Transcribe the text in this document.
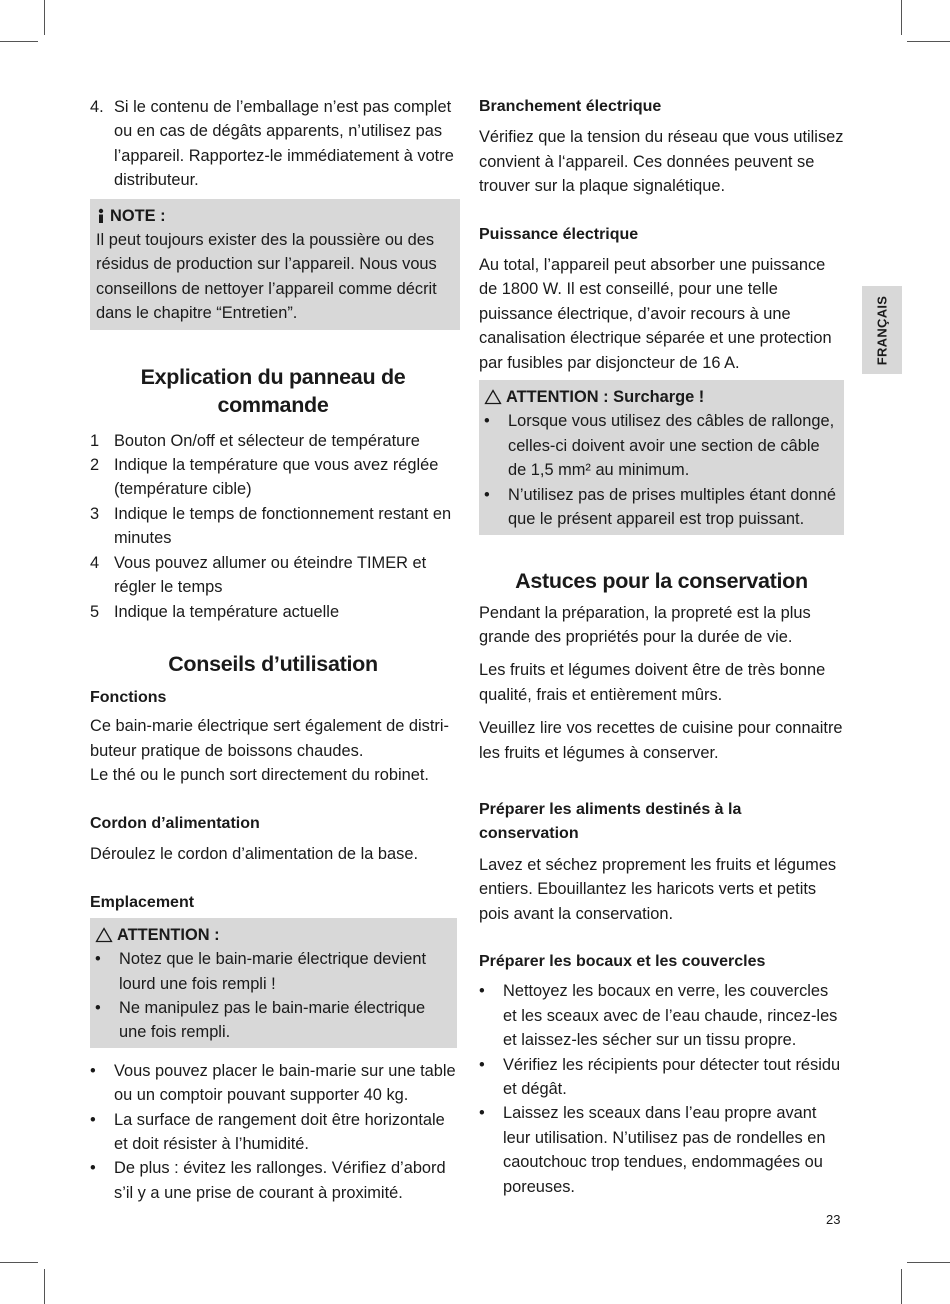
4. Si le contenu de l’emballage n’est pas complet ou en cas de dégâts apparents, n’utilisez pas l’appareil. Rapportez-le immédiatement à votre distributeur.
NOTE :

Il peut toujours exister des la poussière ou des résidus de production sur l’appareil. Nous vous conseillons de nettoyer l’appareil comme décrit dans le chapitre “Entretien”.

Explication du panneau de commande
1 Bouton On/off et sélecteur de température
2 Indique la température que vous avez réglée (température cible)
3 Indique le temps de fonctionnement restant en minutes
4 Vous pouvez allumer ou éteindre TIMER et régler le temps
5 Indique la température actuelle
Conseils d’utilisation
Fonctions

Ce bain-marie électrique sert également de distributeur pratique de boissons chaudes.

Le thé ou le punch sort directement du robinet.

Cordon d’alimentation

Déroulez le cordon d’alimentation de la base.

Emplacement
ATTENTION :
• Notez que le bain-marie électrique devient lourd une fois rempli !
• Ne manipulez pas le bain-marie électrique une fois rempli.
• Vous pouvez placer le bain-marie sur une table ou un comptoir pouvant supporter 40 kg.
• La surface de rangement doit être horizontale et doit résister à l’humidité.
• De plus : évitez les rallonges. Vérifiez d’abord s’il y a une prise de courant à proximité.
Branchement électrique

Vérifiez que la tension du réseau que vous utilisez convient à l‘appareil. Ces données peuvent se trouver sur la plaque signalétique.

Puissance électrique

Au total, l’appareil peut absorber une puissance de 1800 W. Il est conseillé, pour une telle puissance électrique, d’avoir recours à une canalisation électrique séparée et une protection par fusibles par disjoncteur de 16 A.

ATTENTION : Surcharge !
• Lorsque vous utilisez des câbles de rallonge, celles-ci doivent avoir une section de câble de 1,5 mm² au minimum.
• N’utilisez pas de prises multiples étant donné que le présent appareil est trop puissant.
Astuces pour la conservation

Pendant la préparation, la propreté est la plus grande des propriétés pour la durée de vie.

Les fruits et légumes doivent être de très bonne qualité, frais et entièrement mûrs.

Veuillez lire vos recettes de cuisine pour connaitre les fruits et légumes à conserver.

Préparer les aliments destinés à la conservation

Lavez et séchez proprement les fruits et légumes entiers. Ebouillantez les haricots verts et petits pois avant la conservation.

Préparer les bocaux et les couvercles
• Nettoyez les bocaux en verre, les couvercles et les sceaux avec de l’eau chaude, rincez-les et laissez-les sécher sur un tissu propre.
• Vérifiez les récipients pour détecter tout résidu et dégât.
• Laissez les sceaux dans l’eau propre avant leur utilisation. N’utilisez pas de rondelles en caoutchouc trop tendues, endommagées ou poreuses.
FRANÇAIS
23
